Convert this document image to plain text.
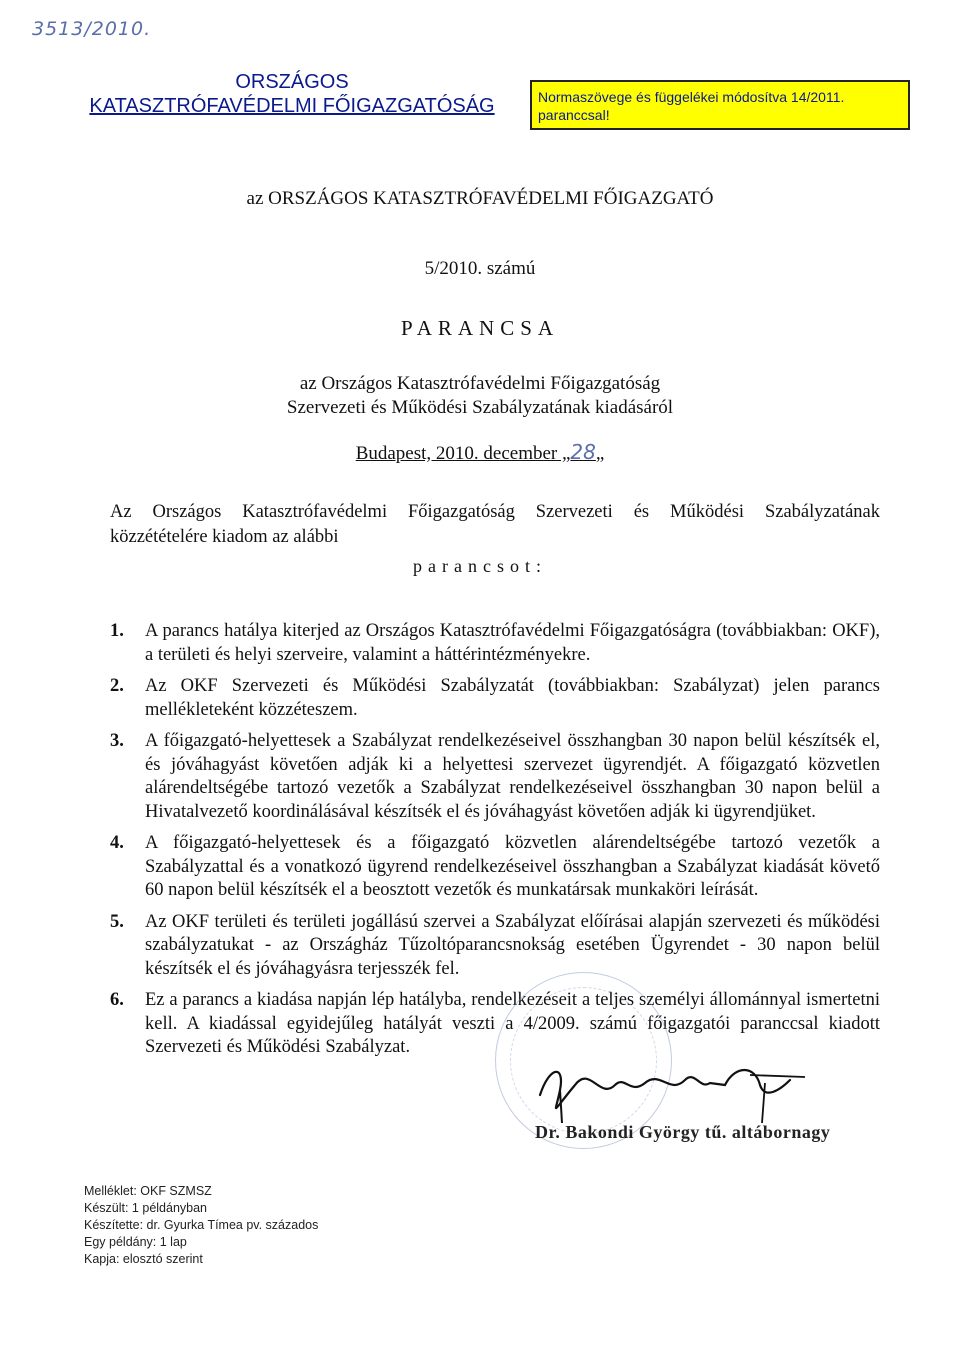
3513/2010.
ORSZÁGOS
KATASZTRÓFAVÉDELMI FŐIGAZGATÓSÁG	Normaszövege és függelékei módosítva 14/2011. paranccsal!
az ORSZÁGOS KATASZTRÓFAVÉDELMI FŐIGAZGATÓ
5/2010. számú
PARANCSA
az Országos Katasztrófavédelmi Főigazgatóság
Szervezeti és Működési Szabályzatának kiadásáról
Budapest, 2010. december „28„
Az Országos Katasztrófavédelmi Főigazgatóság Szervezeti és Működési Szabályzatának
közzétételére kiadom az alábbi
parancsot:
1. A parancs hatálya kiterjed az Országos Katasztrófavédelmi Főigazgatóságra (továbbiakban: OKF), a területi és helyi szerveire, valamint a háttérintézményekre.
2. Az OKF Szervezeti és Működési Szabályzatát (továbbiakban: Szabályzat) jelen parancs mellékleteként közzéteszem.
3. A főigazgató-helyettesek a Szabályzat rendelkezéseivel összhangban 30 napon belül készítsék el, és jóváhagyást követően adják ki a helyettesi szervezet ügyrendjét. A főigazgató közvetlen alárendeltségébe tartozó vezetők a Szabályzat rendelkezéseivel összhangban 30 napon belül a Hivatalvezető koordinálásával készítsék el és jóváhagyást követően adják ki ügyrendjüket.
4. A főigazgató-helyettesek és a főigazgató közvetlen alárendeltségébe tartozó vezetők a Szabályzattal és a vonatkozó ügyrend rendelkezéseivel összhangban a Szabályzat kiadását követő 60 napon belül készítsék el a beosztott vezetők és munkatársak munkaköri leírását.
5. Az OKF területi és területi jogállású szervei a Szabályzat előírásai alapján szervezeti és működési szabályzatukat - az Országház Tűzoltóparancsnokság esetében Ügyrendet - 30 napon belül készítsék el és jóváhagyásra terjesszék fel.
6. Ez a parancs a kiadása napján lép hatályba, rendelkezéseit a teljes személyi állománnyal ismertetni kell. A kiadással egyidejűleg hatályát veszti a 4/2009. számú főigazgatói paranccsal kiadott Szervezeti és Működési Szabályzat.
Dr. Bakondi György tű. altábornagy
Melléklet: OKF SZMSZ
Készült: 1 példányban
Készítette: dr. Gyurka Tímea pv. százados
Egy példány: 1 lap
Kapja: elosztó szerint
